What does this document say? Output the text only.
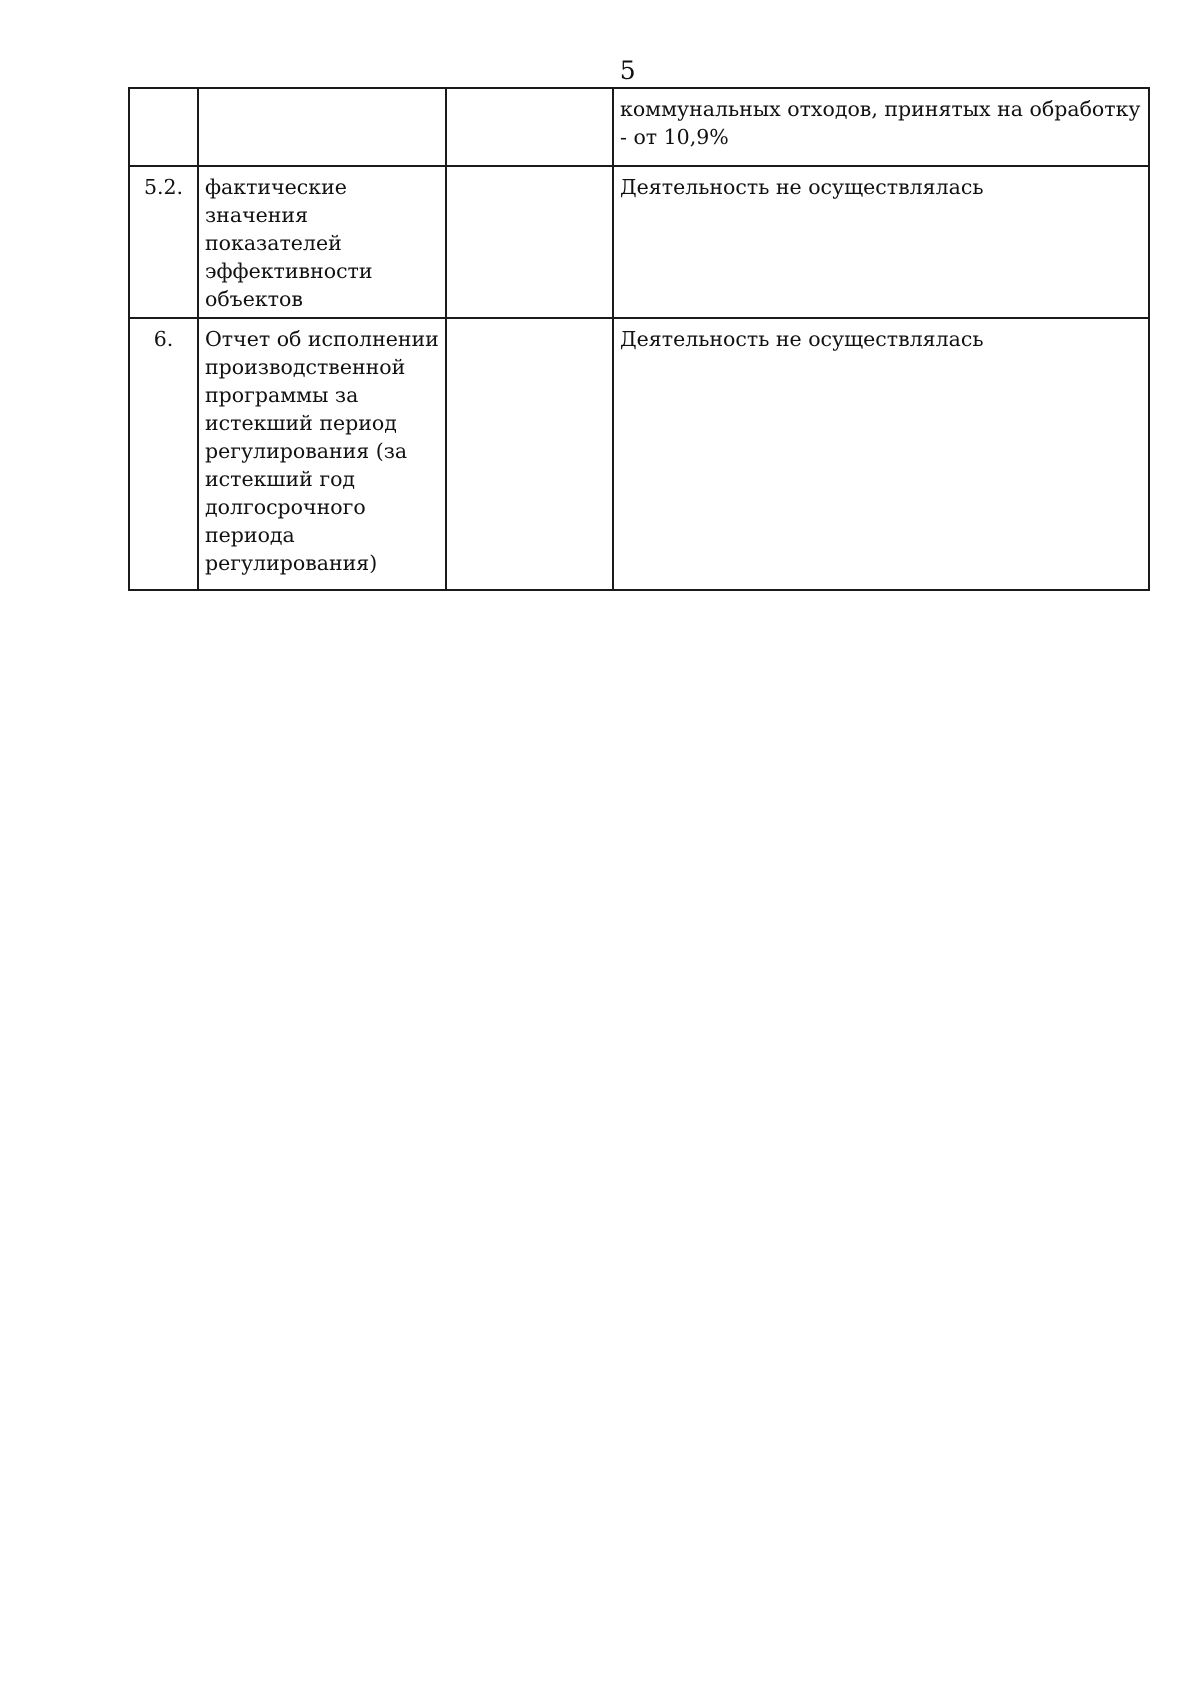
5
			коммунальных отходов, принятых на обработку - от 10,9%
5.2.	фактические значения показателей эффективности объектов		Деятельность не осуществлялась
6.	Отчет об исполнении производственной программы за истекший период регулирования (за истекший год долгосрочного периода регулирования)		Деятельность не осуществлялась
